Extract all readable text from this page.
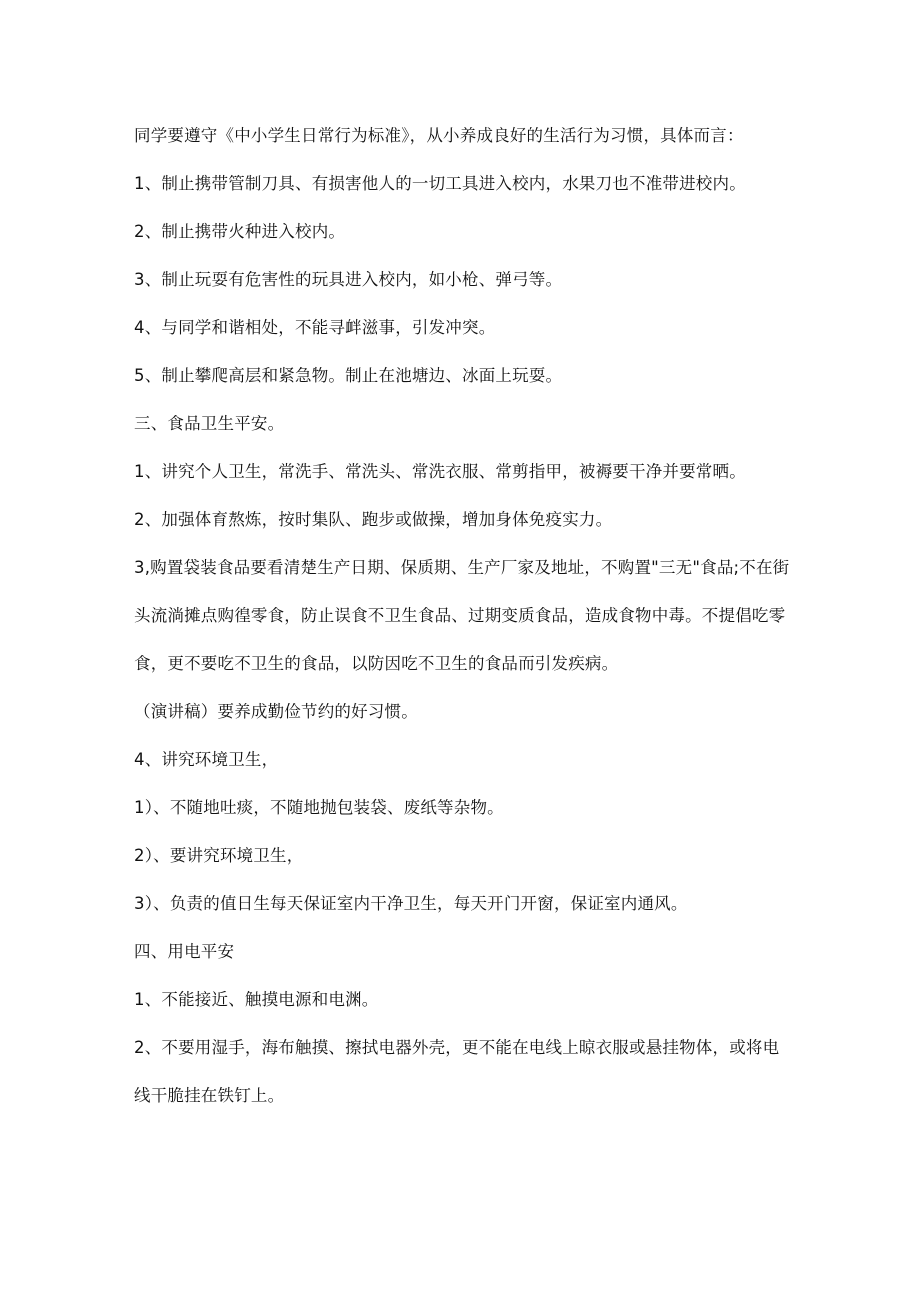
同学要遵守《中小学生日常行为标准》，从小养成良好的生活行为习惯，具体而言：

1、制止携带管制刀具、有损害他人的一切工具进入校内，水果刀也不准带进校内。

2、制止携带火种进入校内。

3、制止玩耍有危害性的玩具进入校内，如小枪、弹弓等。

4、与同学和谐相处，不能寻衅滋事，引发冲突。

5、制止攀爬高层和紧急物。制止在池塘边、冰面上玩耍。

三、食品卫生平安。

1、讲究个人卫生，常洗手、常洗头、常洗衣服、常剪指甲，被褥要干净并要常晒。

2、加强体育熬炼，按时集队、跑步或做操，增加身体免疫实力。

3,购置袋装食品要看清楚生产日期、保质期、生产厂家及地址，不购置"三无"食品;不在街头流淌摊点购徨零食，防止误食不卫生食品、过期变质食品，造成食物中毒。不提倡吃零食，更不要吃不卫生的食品，以防因吃不卫生的食品而引发疾病。

（演讲稿）要养成勤俭节约的好习惯。

4、讲究环境卫生，

1）、不随地吐痰，不随地抛包装袋、废纸等杂物。

2）、要讲究环境卫生，

3）、负责的值日生每天保证室内干净卫生，每天开门开窗，保证室内通风。

四、用电平安

1、不能接近、触摸电源和电渊。

2、不要用湿手，海布触摸、擦拭电器外壳，更不能在电线上晾衣服或悬挂物体，或将电线干脆挂在铁钉上。
